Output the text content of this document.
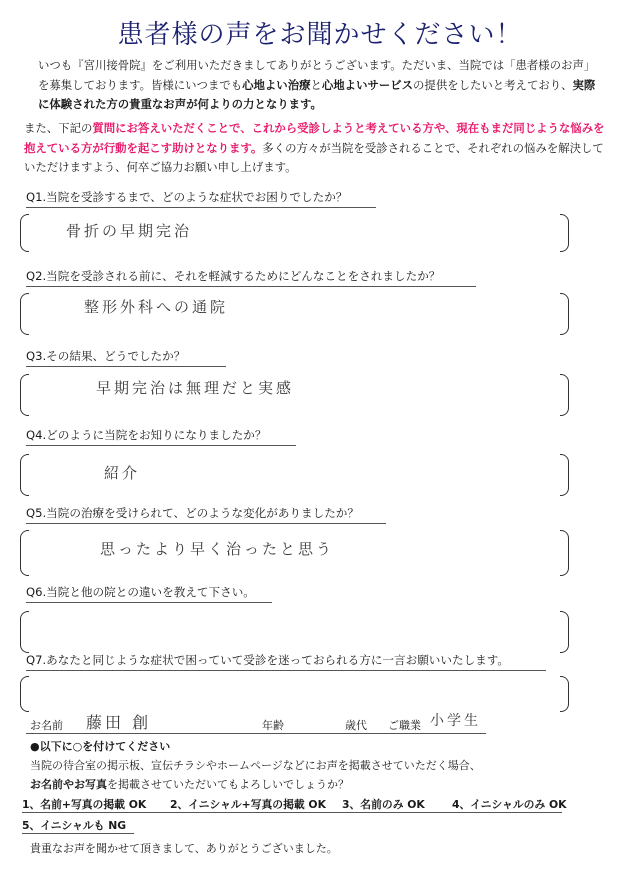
患者様の声をお聞かせください！
いつも『宮川接骨院』をご利用いただきましてありがとうございます。ただいま、当院では「患者様のお声」を募集しております。皆様にいつまでも心地よい治療と心地よいサービスの提供をしたいと考えており、実際に体験された方の貴重なお声が何よりの力となります。
また、下記の質問にお答えいただくことで、これから受診しようと考えている方や、現在もまだ同じような悩みを抱えている方が行動を起こす助けとなります。多くの方々が当院を受診されることで、それぞれの悩みを解決していただけますよう、何卒ご協力お願い申し上げます。
Q1.当院を受診するまで、どのような症状でお困りでしたか？
骨折の早期完治
Q2.当院を受診される前に、それを軽減するためにどんなことをされましたか？
整形外科への通院
Q3.その結果、どうでしたか？
早期完治は無理だと実感
Q4.どのように当院をお知りになりましたか？
紹介
Q5.当院の治療を受けられて、どのような変化がありましたか？
思ったより早く治ったと思う
Q6.当院と他の院との違いを教えて下さい。
Q7.あなたと同じような症状で困っていて受診を迷っておられる方に一言お願いいたします。
お名前 藤田 創	年齢	歳代 ご職業 小学生
●以下に○を付けてください
当院の待合室の掲示板、宣伝チラシやホームページなどにお声を掲載させていただく場合、
お名前やお写真を掲載させていただいてもよろしいでしょうか？
1、名前+写真の掲載 OK 2、イニシャル+写真の掲載 OK 3、名前のみ OK	4、イニシャルのみ OK
5、イニシャルも NG
貴重なお声を聞かせて頂きまして、ありがとうございました。
